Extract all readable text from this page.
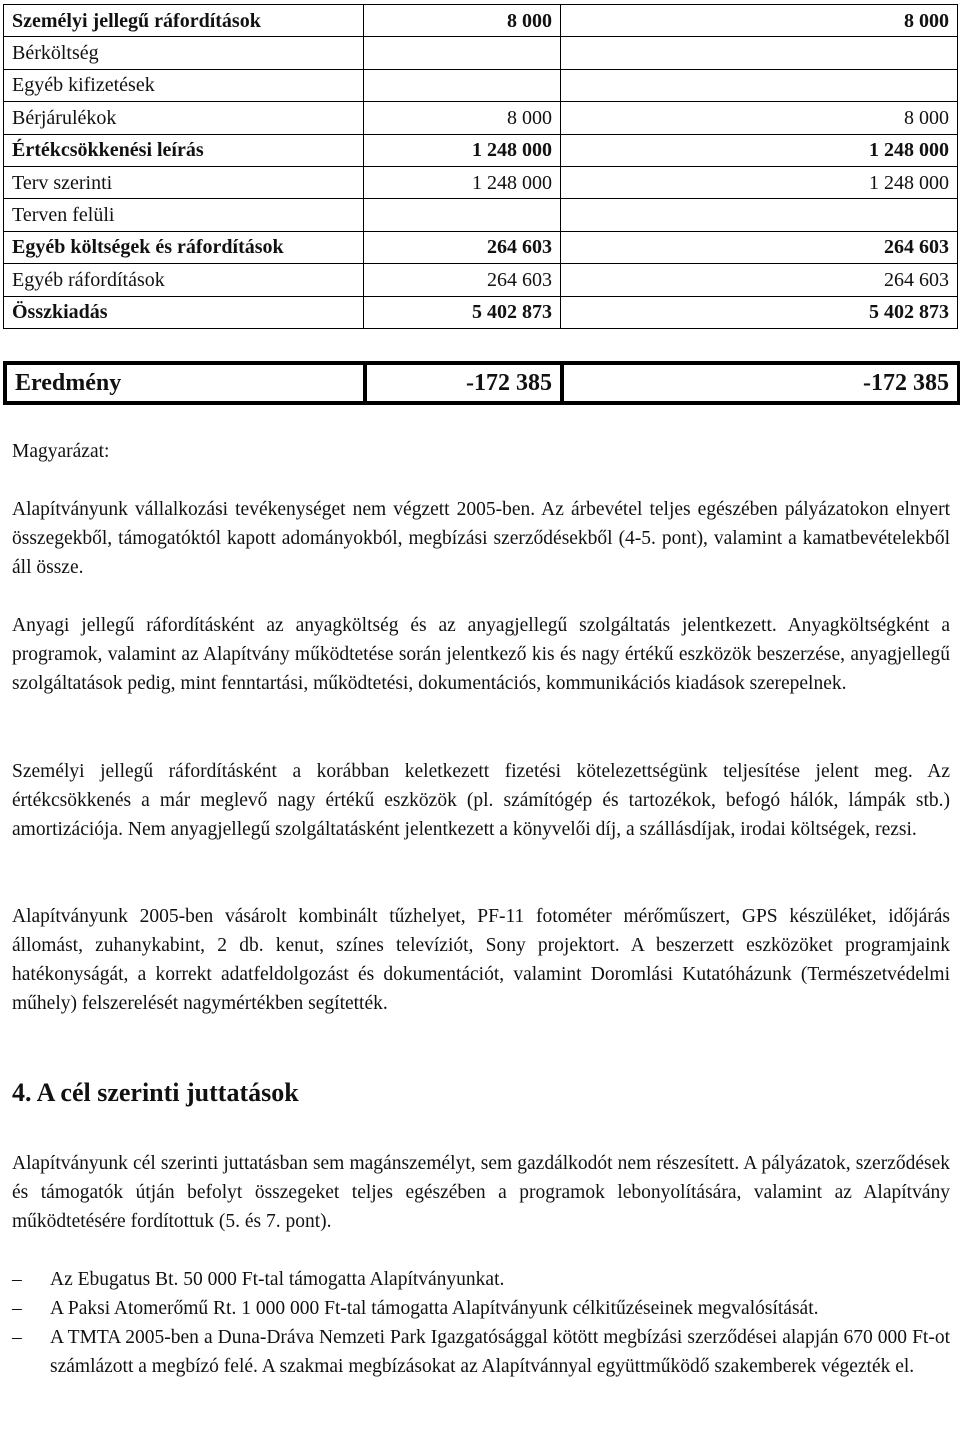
Személyi jellegű ráfordítások	8 000	8 000
Bérköltség		
Egyéb kifizetések		
Bérjárulékok	8 000	8 000
Értékcsökkenési leírás	1 248 000	1 248 000
Terv szerinti	1 248 000	1 248 000
Terven felüli		
Egyéb költségek és ráfordítások	264 603	264 603
Egyéb ráfordítások	264 603	264 603
Összkiadás	5 402 873	5 402 873
Eredmény	-172 385	-172 385

Magyarázat:

Alapítványunk vállalkozási tevékenységet nem végzett 2005-ben. Az árbevétel teljes egészében pályázatokon elnyert összegekből, támogatóktól kapott adományokból, megbízási szerződésekből (4-5. pont), valamint a kamatbevételekből áll össze.

Anyagi jellegű ráfordításként az anyagköltség és az anyagjellegű szolgáltatás jelentkezett. Anyagköltségként a programok, valamint az Alapítvány működtetése során jelentkező kis és nagy értékű eszközök beszerzése, anyagjellegű szolgáltatások pedig, mint fenntartási, működtetési, dokumentációs, kommunikációs kiadások szerepelnek.

Személyi jellegű ráfordításként a korábban keletkezett fizetési kötelezettségünk teljesítése jelent meg. Az értékcsökkenés a már meglevő nagy értékű eszközök (pl. számítógép és tartozékok, befogó hálók, lámpák stb.) amortizációja. Nem anyagjellegű szolgáltatásként jelentkezett a könyvelői díj, a szállásdíjak, irodai költségek, rezsi.

Alapítványunk 2005-ben vásárolt kombinált tűzhelyet, PF-11 fotométer mérőműszert, GPS készüléket, időjárás állomást, zuhanykabint, 2 db. kenut, színes televíziót, Sony projektort. A beszerzett eszközöket programjaink hatékonyságát, a korrekt adatfeldolgozást és dokumentációt, valamint Doromlási Kutatóházunk (Természetvédelmi műhely) felszerelését nagymértékben segítették.

4. A cél szerinti juttatások

Alapítványunk cél szerinti juttatásban sem magánszemélyt, sem gazdálkodót nem részesített. A pályázatok, szerződések és támogatók útján befolyt összegeket teljes egészében a programok lebonyolítására, valamint az Alapítvány működtetésére fordítottuk (5. és 7. pont).

–	Az Ebugatus Bt. 50 000 Ft-tal támogatta Alapítványunkat.
–	A Paksi Atomerőmű Rt. 1 000 000 Ft-tal támogatta Alapítványunk célkitűzéseinek megvalósítását.
–	A TMTA 2005-ben a Duna-Dráva Nemzeti Park Igazgatósággal kötött megbízási szerződései alapján 670 000 Ft-ot számlázott a megbízó felé. A szakmai megbízásokat az Alapítvánnyal együttműködő szakemberek végezték el.
